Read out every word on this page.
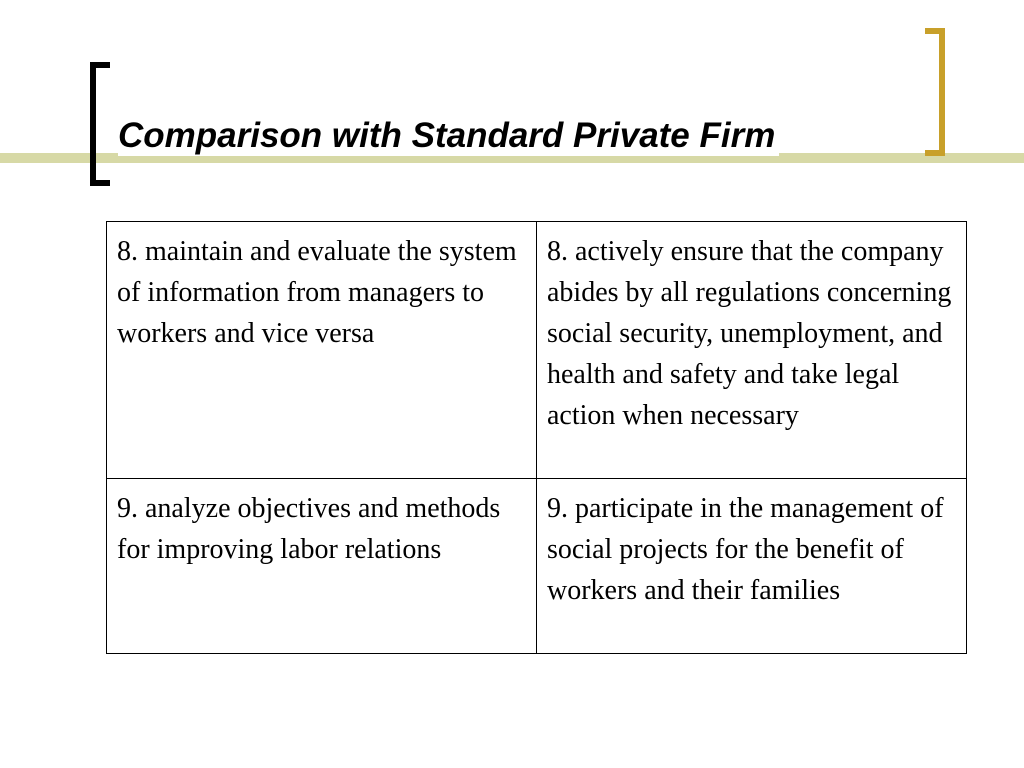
Comparison with Standard Private Firm
8. maintain and evaluate the system of information from managers to workers and vice versa	8. actively ensure that the company abides by all regulations concerning social security, unemployment, and health and safety and take legal action when necessary
9. analyze objectives and methods for improving labor relations	9. participate in the management of social projects for the benefit of workers and their families
